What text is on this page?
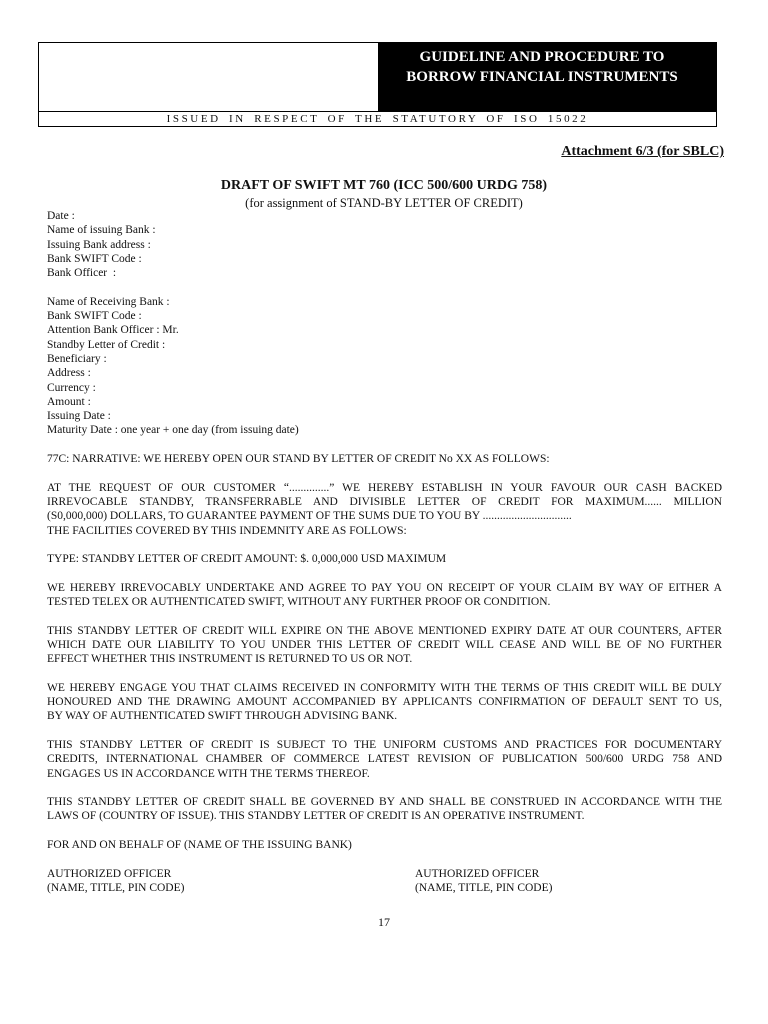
GUIDELINE AND PROCEDURE TO
BORROW FINANCIAL INSTRUMENTS
ISSUED IN RESPECT OF THE STATUTORY OF ISO 15022
Attachment 6/3 (for SBLC)
DRAFT OF SWIFT MT 760 (ICC 500/600 URDG 758)
(for assignment of STAND-BY LETTER OF CREDIT)
Date :
Name of issuing Bank :
Issuing Bank address :
Bank SWIFT Code :
Bank Officer  :
Name of Receiving Bank :
Bank SWIFT Code :
Attention Bank Officer : Mr.
Standby Letter of Credit :
Beneficiary :
Address :
Currency :
Amount :
Issuing Date :
Maturity Date : one year + one day (from issuing date)
77C: NARRATIVE: WE HEREBY OPEN OUR STAND BY LETTER OF CREDIT No XX AS FOLLOWS:
AT THE REQUEST OF OUR CUSTOMER “..............” WE HEREBY ESTABLISH IN YOUR FAVOUR OUR CASH BACKED
IRREVOCABLE STANDBY, TRANSFERRABLE AND DIVISIBLE LETTER OF CREDIT FOR MAXIMUM...... MILLION
(S0,000,000) DOLLARS, TO GUARANTEE PAYMENT OF THE SUMS DUE TO YOU BY ...............................
THE FACILITIES COVERED BY THIS INDEMNITY ARE AS FOLLOWS:
TYPE: STANDBY LETTER OF CREDIT AMOUNT: $. 0,000,000 USD MAXIMUM
WE HEREBY IRREVOCABLY UNDERTAKE AND AGREE TO PAY YOU ON RECEIPT OF YOUR CLAIM BY WAY OF EITHER A
TESTED TELEX OR AUTHENTICATED SWIFT, WITHOUT ANY FURTHER PROOF OR CONDITION.
THIS STANDBY LETTER OF CREDIT WILL EXPIRE ON THE ABOVE MENTIONED EXPIRY DATE AT OUR COUNTERS, AFTER
WHICH DATE OUR LIABILITY TO YOU UNDER THIS LETTER OF CREDIT WILL CEASE AND WILL BE OF NO FURTHER
EFFECT WHETHER THIS INSTRUMENT IS RETURNED TO US OR NOT.
WE HEREBY ENGAGE YOU THAT CLAIMS RECEIVED IN CONFORMITY WITH THE TERMS OF THIS CREDIT WILL BE DULY
HONOURED AND THE DRAWING AMOUNT ACCOMPANIED BY APPLICANTS CONFIRMATION OF DEFAULT SENT TO US,
BY WAY OF AUTHENTICATED SWIFT THROUGH ADVISING BANK.
THIS STANDBY LETTER OF CREDIT IS SUBJECT TO THE UNIFORM CUSTOMS AND PRACTICES FOR DOCUMENTARY
CREDITS, INTERNATIONAL CHAMBER OF COMMERCE LATEST REVISION OF PUBLICATION 500/600 URDG 758 AND
ENGAGES US IN ACCORDANCE WITH THE TERMS THEREOF.
THIS STANDBY LETTER OF CREDIT SHALL BE GOVERNED BY AND SHALL BE CONSTRUED IN ACCORDANCE WITH THE
LAWS OF (COUNTRY OF ISSUE). THIS STANDBY LETTER OF CREDIT IS AN OPERATIVE INSTRUMENT.
FOR AND ON BEHALF OF (NAME OF THE ISSUING BANK)
AUTHORIZED OFFICER
(NAME, TITLE, PIN CODE)
AUTHORIZED OFFICER
(NAME, TITLE, PIN CODE)
17
